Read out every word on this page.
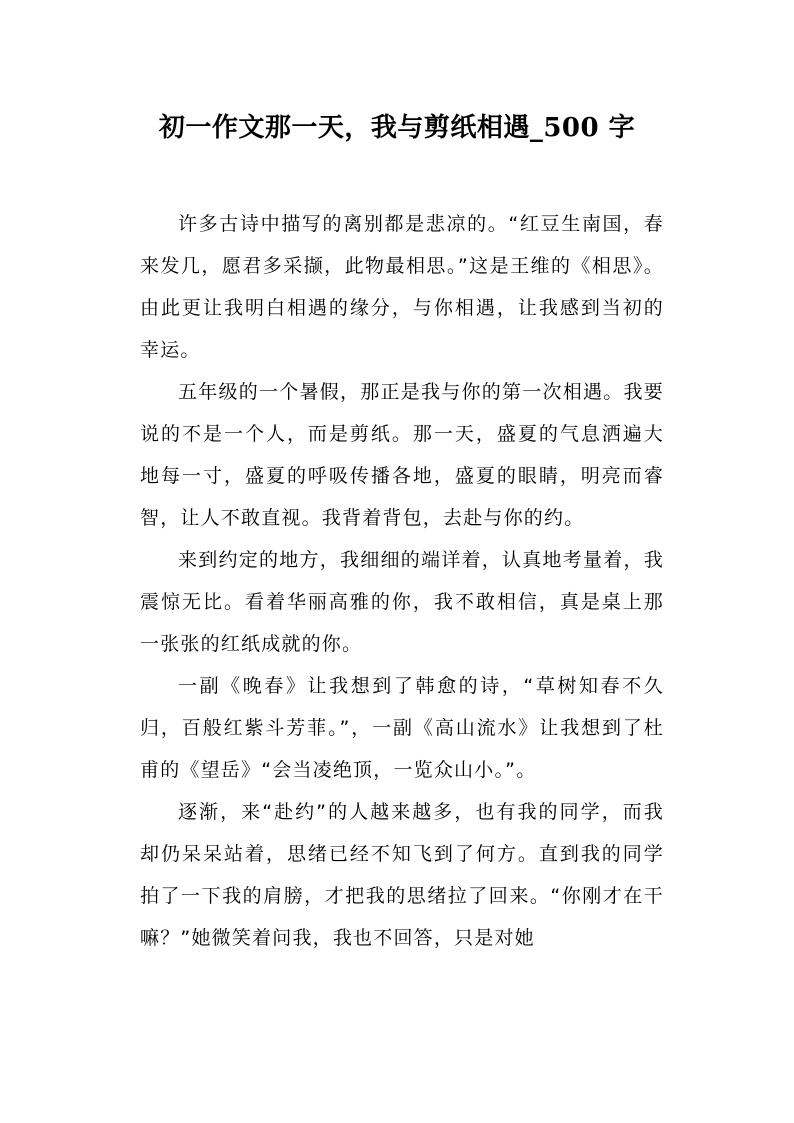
初一作文那一天，我与剪纸相遇_500 字

许多古诗中描写的离别都是悲凉的。“红豆生南国，春来发几，愿君多采撷，此物最相思。”这是王维的《相思》。由此更让我明白相遇的缘分，与你相遇，让我感到当初的幸运。

五年级的一个暑假，那正是我与你的第一次相遇。我要说的不是一个人，而是剪纸。那一天，盛夏的气息洒遍大地每一寸，盛夏的呼吸传播各地，盛夏的眼睛，明亮而睿智，让人不敢直视。我背着背包，去赴与你的约。

来到约定的地方，我细细的端详着，认真地考量着，我震惊无比。看着华丽高雅的你，我不敢相信，真是桌上那一张张的红纸成就的你。

一副《晚春》让我想到了韩愈的诗，“草树知春不久归，百般红紫斗芳菲。”，一副《高山流水》让我想到了杜甫的《望岳》“会当凌绝顶，一览众山小。”。

逐渐，来“赴约”的人越来越多，也有我的同学，而我却仍呆呆站着，思绪已经不知飞到了何方。直到我的同学拍了一下我的肩膀，才把我的思绪拉了回来。“你刚才在干嘛？”她微笑着问我，我也不回答，只是对她
